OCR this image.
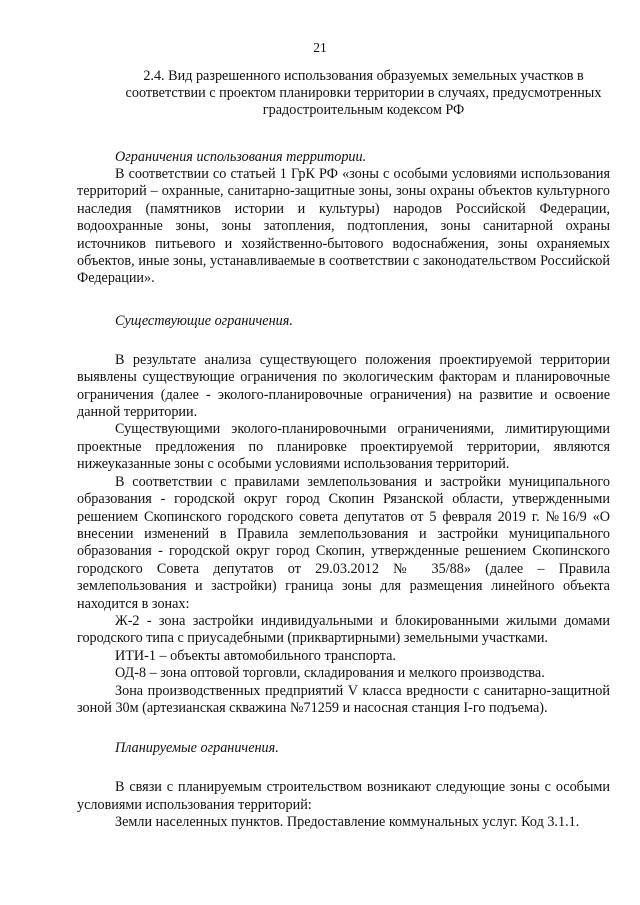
21

2.4. Вид разрешенного использования образуемых земельных участков в соответствии с проектом планировки территории в случаях, предусмотренных градостроительным кодексом РФ

Ограничения использования территории.

В соответствии со статьей 1 ГрК РФ «зоны с особыми условиями использования территорий – охранные, санитарно-защитные зоны, зоны охраны объектов культурного наследия (памятников истории и культуры) народов Российской Федерации, водоохранные зоны, зоны затопления, подтопления, зоны санитарной охраны источников питьевого и хозяйственно-бытового водоснабжения, зоны охраняемых объектов, иные зоны, устанавливаемые в соответствии с законодательством Российской Федерации».

Существующие ограничения.

В результате анализа существующего положения проектируемой территории выявлены существующие ограничения по экологическим факторам и планировочные ограничения (далее - эколого-планировочные ограничения) на развитие и освоение данной территории.

Существующими эколого-планировочными ограничениями, лимитирующими проектные предложения по планировке проектируемой территории, являются нижеуказанные зоны с особыми условиями использования территорий.

В соответствии с правилами землепользования и застройки муниципального образования - городской округ город Скопин Рязанской области, утвержденными решением Скопинского городского совета депутатов от 5 февраля 2019 г. №16/9 «О внесении изменений в Правила землепользования и застройки муниципального образования - городской округ город Скопин, утвержденные решением Скопинского городского Совета депутатов от 29.03.2012 № 35/88» (далее – Правила землепользования и застройки) граница зоны для размещения линейного объекта находится в зонах:

Ж-2 - зона застройки индивидуальными и блокированными жилыми домами городского типа с приусадебными (приквартирными) земельными участками.

ИТИ-1 – объекты автомобильного транспорта.

ОД-8 – зона оптовой торговли, складирования и мелкого производства.

Зона производственных предприятий V класса вредности с санитарно-защитной зоной 30м (артезианская скважина №71259 и насосная станция I-го подъема).

Планируемые ограничения.

В связи с планируемым строительством возникают следующие зоны с особыми условиями использования территорий:

Земли населенных пунктов. Предоставление коммунальных услуг. Код 3.1.1.
